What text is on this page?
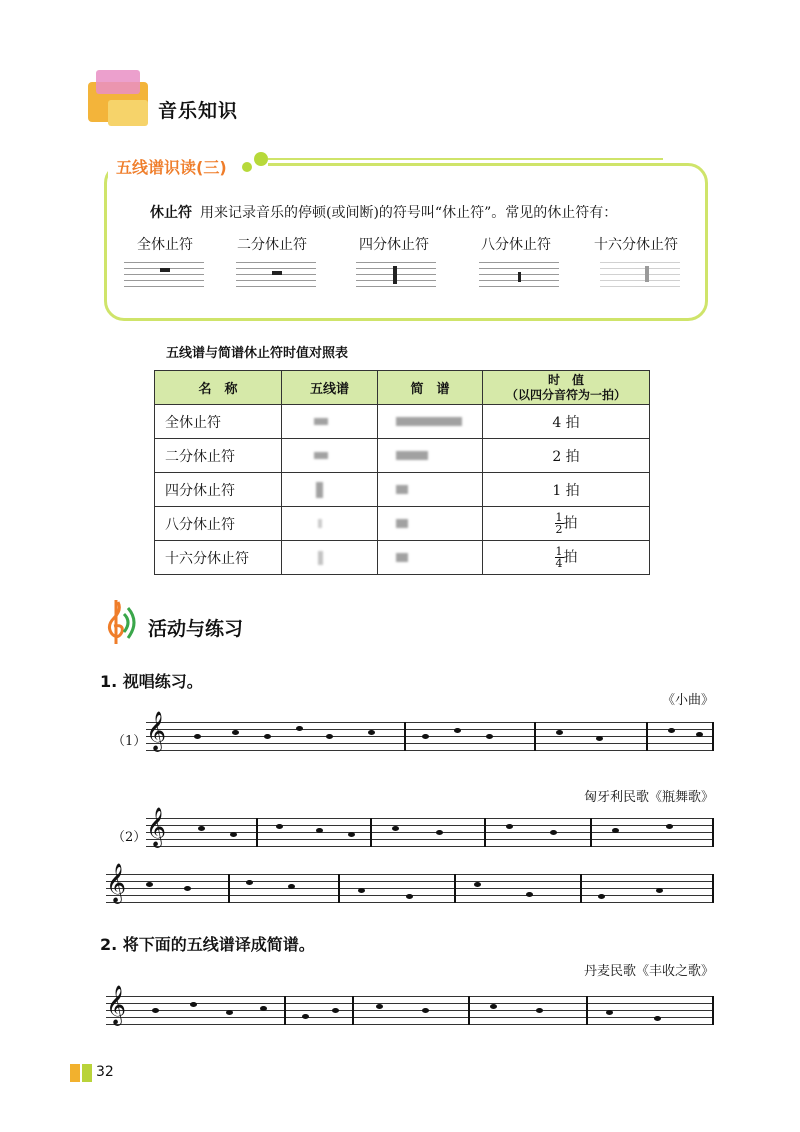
音乐知识
五线谱识读(三)
休止符 用来记录音乐的停顿(或间断)的符号叫“休止符”。常见的休止符有：
全休止符	二分休止符	四分休止符	八分休止符	十六分休止符
五线谱与简谱休止符时值对照表
名　称	五线谱	简　谱	时　值
（以四分音符为一拍）
全休止符			4 拍
二分休止符			2 拍
四分休止符			1 拍
八分休止符			$\frac{1}{2}$拍
十六分休止符			$\frac{1}{4}$拍
活动与练习
1. 视唱练习。
《小曲》
（1） 𝄞
匈牙利民歌《瓶舞歌》
（2） 𝄞
𝄞
2. 将下面的五线谱译成简谱。
丹麦民歌《丰收之歌》
𝄞
32
